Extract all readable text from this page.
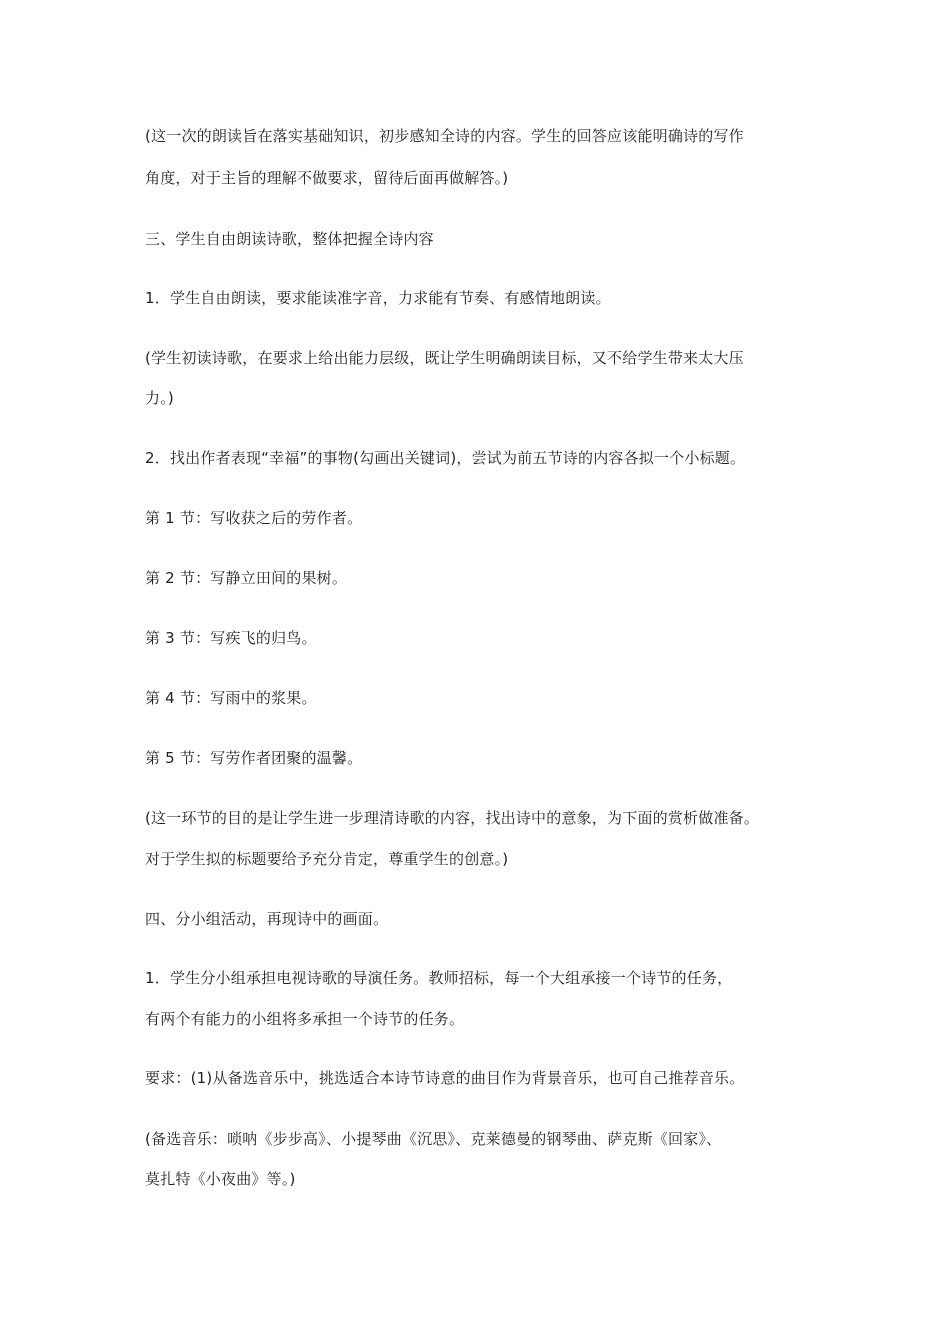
(这一次的朗读旨在落实基础知识，初步感知全诗的内容。学生的回答应该能明确诗的写作
角度，对于主旨的理解不做要求，留待后面再做解答。)
三、学生自由朗读诗歌，整体把握全诗内容
1．学生自由朗读，要求能读准字音，力求能有节奏、有感情地朗读。
(学生初读诗歌，在要求上给出能力层级，既让学生明确朗读目标，又不给学生带来太大压
力。)
2．找出作者表现“幸福”的事物(勾画出关键词)，尝试为前五节诗的内容各拟一个小标题。
第 1 节：写收获之后的劳作者。
第 2 节：写静立田间的果树。
第 3 节：写疾飞的归鸟。
第 4 节：写雨中的浆果。
第 5 节：写劳作者团聚的温馨。
(这一环节的目的是让学生进一步理清诗歌的内容，找出诗中的意象，为下面的赏析做准备。
对于学生拟的标题要给予充分肯定，尊重学生的创意。)
四、分小组活动，再现诗中的画面。
1．学生分小组承担电视诗歌的导演任务。教师招标，每一个大组承接一个诗节的任务，
有两个有能力的小组将多承担一个诗节的任务。
要求：(1)从备选音乐中，挑选适合本诗节诗意的曲目作为背景音乐，也可自己推荐音乐。
(备选音乐：唢呐《步步高》、小提琴曲《沉思》、克莱德曼的钢琴曲、萨克斯《回家》、
莫扎特《小夜曲》等。)
